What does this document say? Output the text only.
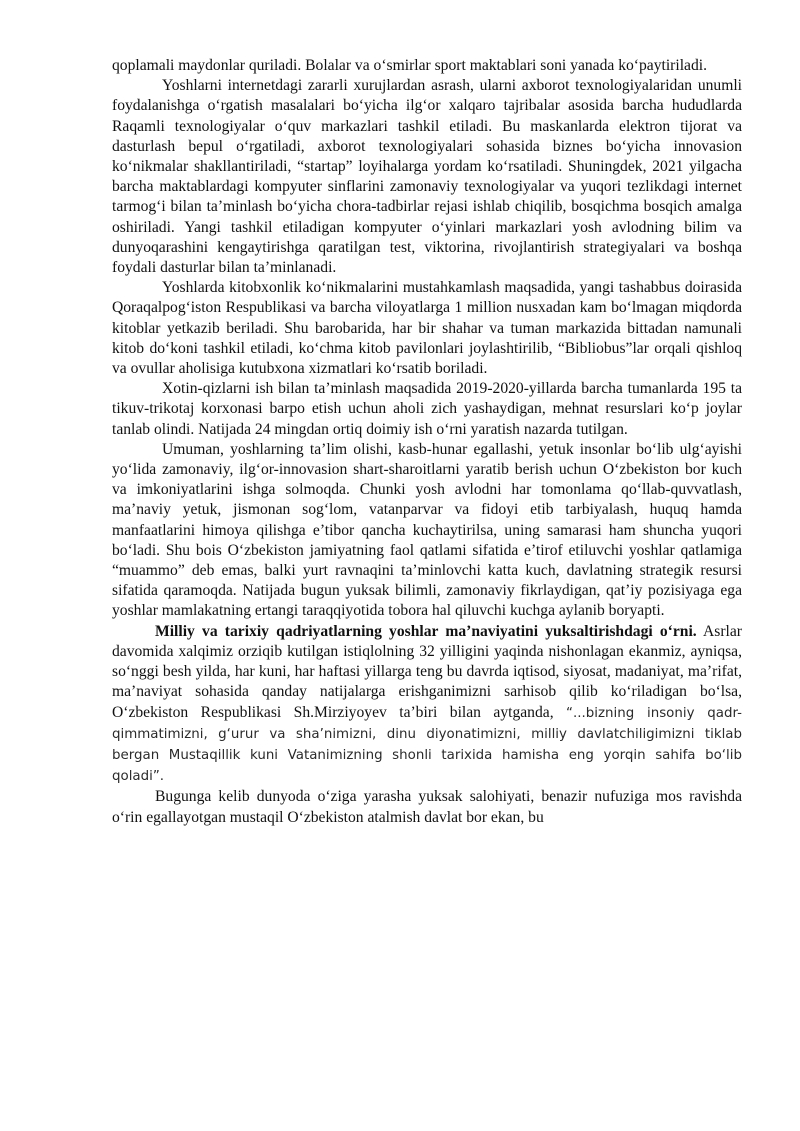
qoplamali maydonlar quriladi. Bolalar va o‘smirlar sport maktablari soni yanada ko‘paytiriladi.

Yoshlarni internetdagi zararli xurujlardan asrash, ularni axborot texnologiyalaridan unumli foydalanishga o‘rgatish masalalari bo‘yicha ilg‘or xalqaro tajribalar asosida barcha hududlarda Raqamli texnologiyalar o‘quv markazlari tashkil etiladi. Bu maskanlarda elektron tijorat va dasturlash bepul o‘rgatiladi, axborot texnologiyalari sohasida biznes bo‘yicha innovasion ko‘nikmalar shakllantiriladi, “startap” loyihalarga yordam ko‘rsatiladi. Shuningdek, 2021 yilgacha barcha maktablardagi kompyuter sinflarini zamonaviy texnologiyalar va yuqori tezlikdagi internet tarmog‘i bilan ta’minlash bo‘yicha chora-tadbirlar rejasi ishlab chiqilib, bosqichma bosqich amalga oshiriladi. Yangi tashkil etiladigan kompyuter o‘yinlari markazlari yosh avlodning bilim va dunyoqarashini kengaytirishga qaratilgan test, viktorina, rivojlantirish strategiyalari va boshqa foydali dasturlar bilan ta’minlanadi.

Yoshlarda kitobxonlik ko‘nikmalarini mustahkamlash maqsadida, yangi tashabbus doirasida Qoraqalpog‘iston Respublikasi va barcha viloyatlarga 1 million nusxadan kam bo‘lmagan miqdorda kitoblar yetkazib beriladi. Shu barobarida, har bir shahar va tuman markazida bittadan namunali kitob do‘koni tashkil etiladi, ko‘chma kitob pavilonlari joylashtirilib, “Bibliobus”lar orqali qishloq va ovullar aholisiga kutubxona xizmatlari ko‘rsatib boriladi.

Xotin-qizlarni ish bilan ta’minlash maqsadida 2019-2020-yillarda barcha tumanlarda 195 ta tikuv-trikotaj korxonasi barpo etish uchun aholi zich yashaydigan, mehnat resurslari ko‘p joylar tanlab olindi. Natijada 24 mingdan ortiq doimiy ish o‘rni yaratish nazarda tutilgan.

Umuman, yoshlarning ta’lim olishi, kasb-hunar egallashi, yetuk insonlar bo‘lib ulg‘ayishi yo‘lida zamonaviy, ilg‘or-innovasion shart-sharoitlarni yaratib berish uchun O‘zbekiston bor kuch va imkoniyatlarini ishga solmoqda. Chunki yosh avlodni har tomonlama qo‘llab-quvvatlash, ma’naviy yetuk, jismonan sog‘lom, vatanparvar va fidoyi etib tarbiyalash, huquq hamda manfaatlarini himoya qilishga e’tibor qancha kuchaytirilsa, uning samarasi ham shuncha yuqori bo‘ladi. Shu bois O‘zbekiston jamiyatning faol qatlami sifatida e’tirof etiluvchi yoshlar qatlamiga “muammo” deb emas, balki yurt ravnaqini ta’minlovchi katta kuch, davlatning strategik resursi sifatida qaramoqda. Natijada bugun yuksak bilimli, zamonaviy fikrlaydigan, qat’iy pozisiyaga ega yoshlar mamlakatning ertangi taraqqiyotida tobora hal qiluvchi kuchga aylanib boryapti.

Milliy va tarixiy qadriyatlarning yoshlar ma’naviyatini yuksaltirishdagi o‘rni. Asrlar davomida xalqimiz orziqib kutilgan istiqlolning 32 yilligini yaqinda nishonlagan ekanmiz, ayniqsa, so‘nggi besh yilda, har kuni, har haftasi yillarga teng bu davrda iqtisod, siyosat, madaniyat, ma’rifat, ma’naviyat sohasida qanday natijalarga erishganimizni sarhisob qilib ko‘riladigan bo‘lsa, O‘zbekiston Respublikasi Sh.Mirziyoyev ta’biri bilan aytganda, “...bizning insoniy qadr-qimmatimizni, g‘urur va sha’nimizni, dinu diyonatimizni, milliy davlatchiligimizni tiklab bergan Mustaqillik kuni Vatanimizning shonli tarixida hamisha eng yorqin sahifa bo‘lib qoladi”.

Bugunga kelib dunyoda o‘ziga yarasha yuksak salohiyati, benazir nufuziga mos ravishda o‘rin egallayotgan mustaqil O‘zbekiston atalmish davlat bor ekan, bu
